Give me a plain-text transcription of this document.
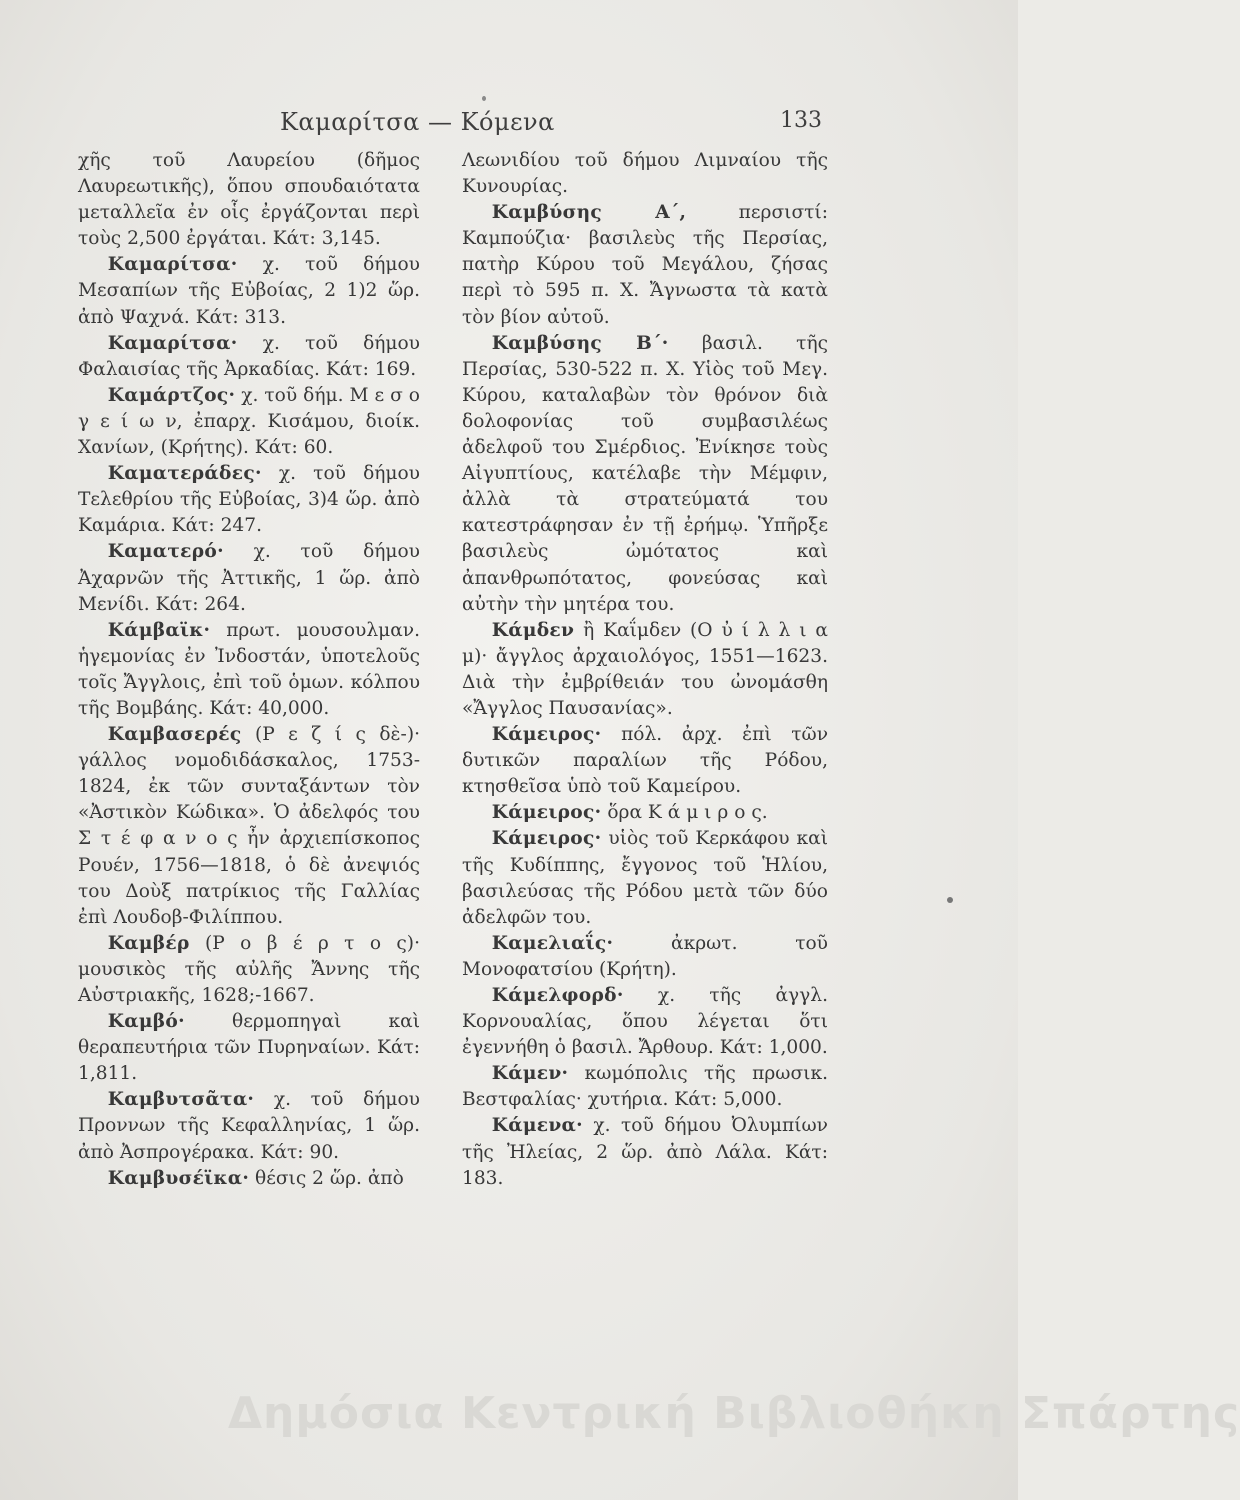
Καμαρίτσα — Κόμενα	133

χῆς τοῦ Λαυρείου (δῆμος Λαυρεωτικῆς), ὅπου σπουδαιότατα μεταλλεῖα ἐν οἷς ἐργάζονται περὶ τοὺς 2,500 ἐργάται. Κάτ: 3,145.

Καμαρίτσα· χ. τοῦ δήμου Μεσαπίων τῆς Εὐβοίας, 2 1)2 ὥρ. ἀπὸ Ψαχνά. Κάτ: 313.

Καμαρίτσα· χ. τοῦ δήμου Φαλαισίας τῆς Ἀρκαδίας. Κάτ: 169.

Καμάρτζος· χ. τοῦ δήμ. Μ ε σ ο γ ε ί ω ν, ἐπαρχ. Κισάμου, διοίκ. Χανίων, (Κρήτης). Κάτ: 60.

Καματεράδες· χ. τοῦ δήμου Τελεθρίου τῆς Εὐβοίας, 3)4 ὥρ. ἀπὸ Καμάρια. Κάτ: 247.

Καματερό· χ. τοῦ δήμου Ἀχαρνῶν τῆς Ἀττικῆς, 1 ὥρ. ἀπὸ Μενίδι. Κάτ: 264.

Κάμβαϊκ· πρωτ. μουσουλμαν. ἡγεμονίας ἐν Ἰνδοστάν, ὑποτελοῦς τοῖς Ἄγγλοις, ἐπὶ τοῦ ὁμων. κόλπου τῆς Βομβάης. Κάτ: 40,000.

Καμβασερές (Ρ ε ζ ί ς δὲ-)· γάλλος νομοδιδάσκαλος, 1753-1824, ἐκ τῶν συνταξάντων τὸν «Ἀστικὸν Κώδικα». Ὁ ἀδελφός του Σ τ έ φ α ν ο ς ἦν ἀρχιεπίσκοπος Ρουέν, 1756—1818, ὁ δὲ ἀνεψιός του Δοὺξ πατρίκιος τῆς Γαλλίας ἐπὶ Λουδοβ-Φιλίππου.

Καμβέρ (Ρ ο β έ ρ τ ο ς)· μουσικὸς τῆς αὐλῆς Ἄννης τῆς Αὐστριακῆς, 1628;-1667.

Καμβό·	θερμοπηγαὶ καὶ θεραπευτήρια τῶν Πυρηναίων. Κάτ: 1,811.

Καμβυτσᾶτα· χ. τοῦ δήμου Προννων τῆς Κεφαλληνίας, 1 ὥρ. ἀπὸ Ἀσπρογέρακα. Κάτ: 90.

Καμβυσέϊκα· θέσις 2 ὥρ. ἀπὸ

Λεωνιδίου τοῦ δήμου Λιμναίου τῆς Κυνουρίας.

Καμβύσης Α΄,	περσιστί: Καμπούζια· βασιλεὺς τῆς Περσίας, πατὴρ Κύρου τοῦ Μεγάλου, ζήσας περὶ τὸ 595 π. Χ. Ἄγνωστα τὰ κατὰ τὸν βίον αὐτοῦ.

Καμβύσης Β΄· βασιλ. τῆς Περσίας, 530-522 π. Χ. Υἱὸς τοῦ Μεγ. Κύρου, καταλαβὼν τὸν θρόνον διὰ δολοφονίας τοῦ συμβασιλέως ἀδελφοῦ του Σμέρδιος. Ἐνίκησε τοὺς Αἰγυπτίους, κατέλαβε τὴν Μέμφιν, ἀλλὰ τὰ στρατεύματά του κατεστράφησαν ἐν τῇ ἐρήμῳ. Ὑπῆρξε βασιλεὺς ὠμότατος καὶ ἀπανθρωπότατος, φονεύσας καὶ αὐτὴν τὴν μητέρα του.

Κάμδεν ἢ Καΐμδεν (Ο ὐ ί λ λ ι α μ)· ἄγγλος ἀρχαιολόγος, 1551—1623. Διὰ τὴν ἐμβρίθειάν του ὠνομάσθη «Ἄγγλος Παυσανίας».

Κάμειρος· πόλ. ἀρχ. ἐπὶ τῶν δυτικῶν παραλίων τῆς Ρόδου, κτησθεῖσα ὑπὸ τοῦ Καμείρου.

Κάμειρος· ὅρα Κ ά μ ι ρ ο ς.

Κάμειρος· υἱὸς τοῦ Κερκάφου καὶ τῆς Κυδίππης, ἔγγονος τοῦ Ἡλίου, βασιλεύσας τῆς Ρόδου μετὰ τῶν δύο ἀδελφῶν του.

Καμελιαΐς·	ἀκρωτ. τοῦ Μονοφατσίου (Κρήτη).

Κάμελφορδ· χ. τῆς ἀγγλ. Κορνουαλίας, ὅπου λέγεται ὅτι ἐγεννήθη ὁ βασιλ. Ἄρθουρ. Κάτ: 1,000.

Κάμεν· κωμόπολις τῆς πρωσικ. Βεστφαλίας· χυτήρια. Κάτ: 5,000.

Κάμενα· χ. τοῦ δήμου Ὀλυμπίων τῆς Ἠλείας, 2 ὥρ. ἀπὸ Λάλα. Κάτ: 183.

Δημόσια Κεντρική Βιβλιοθήκη Σπάρτης
